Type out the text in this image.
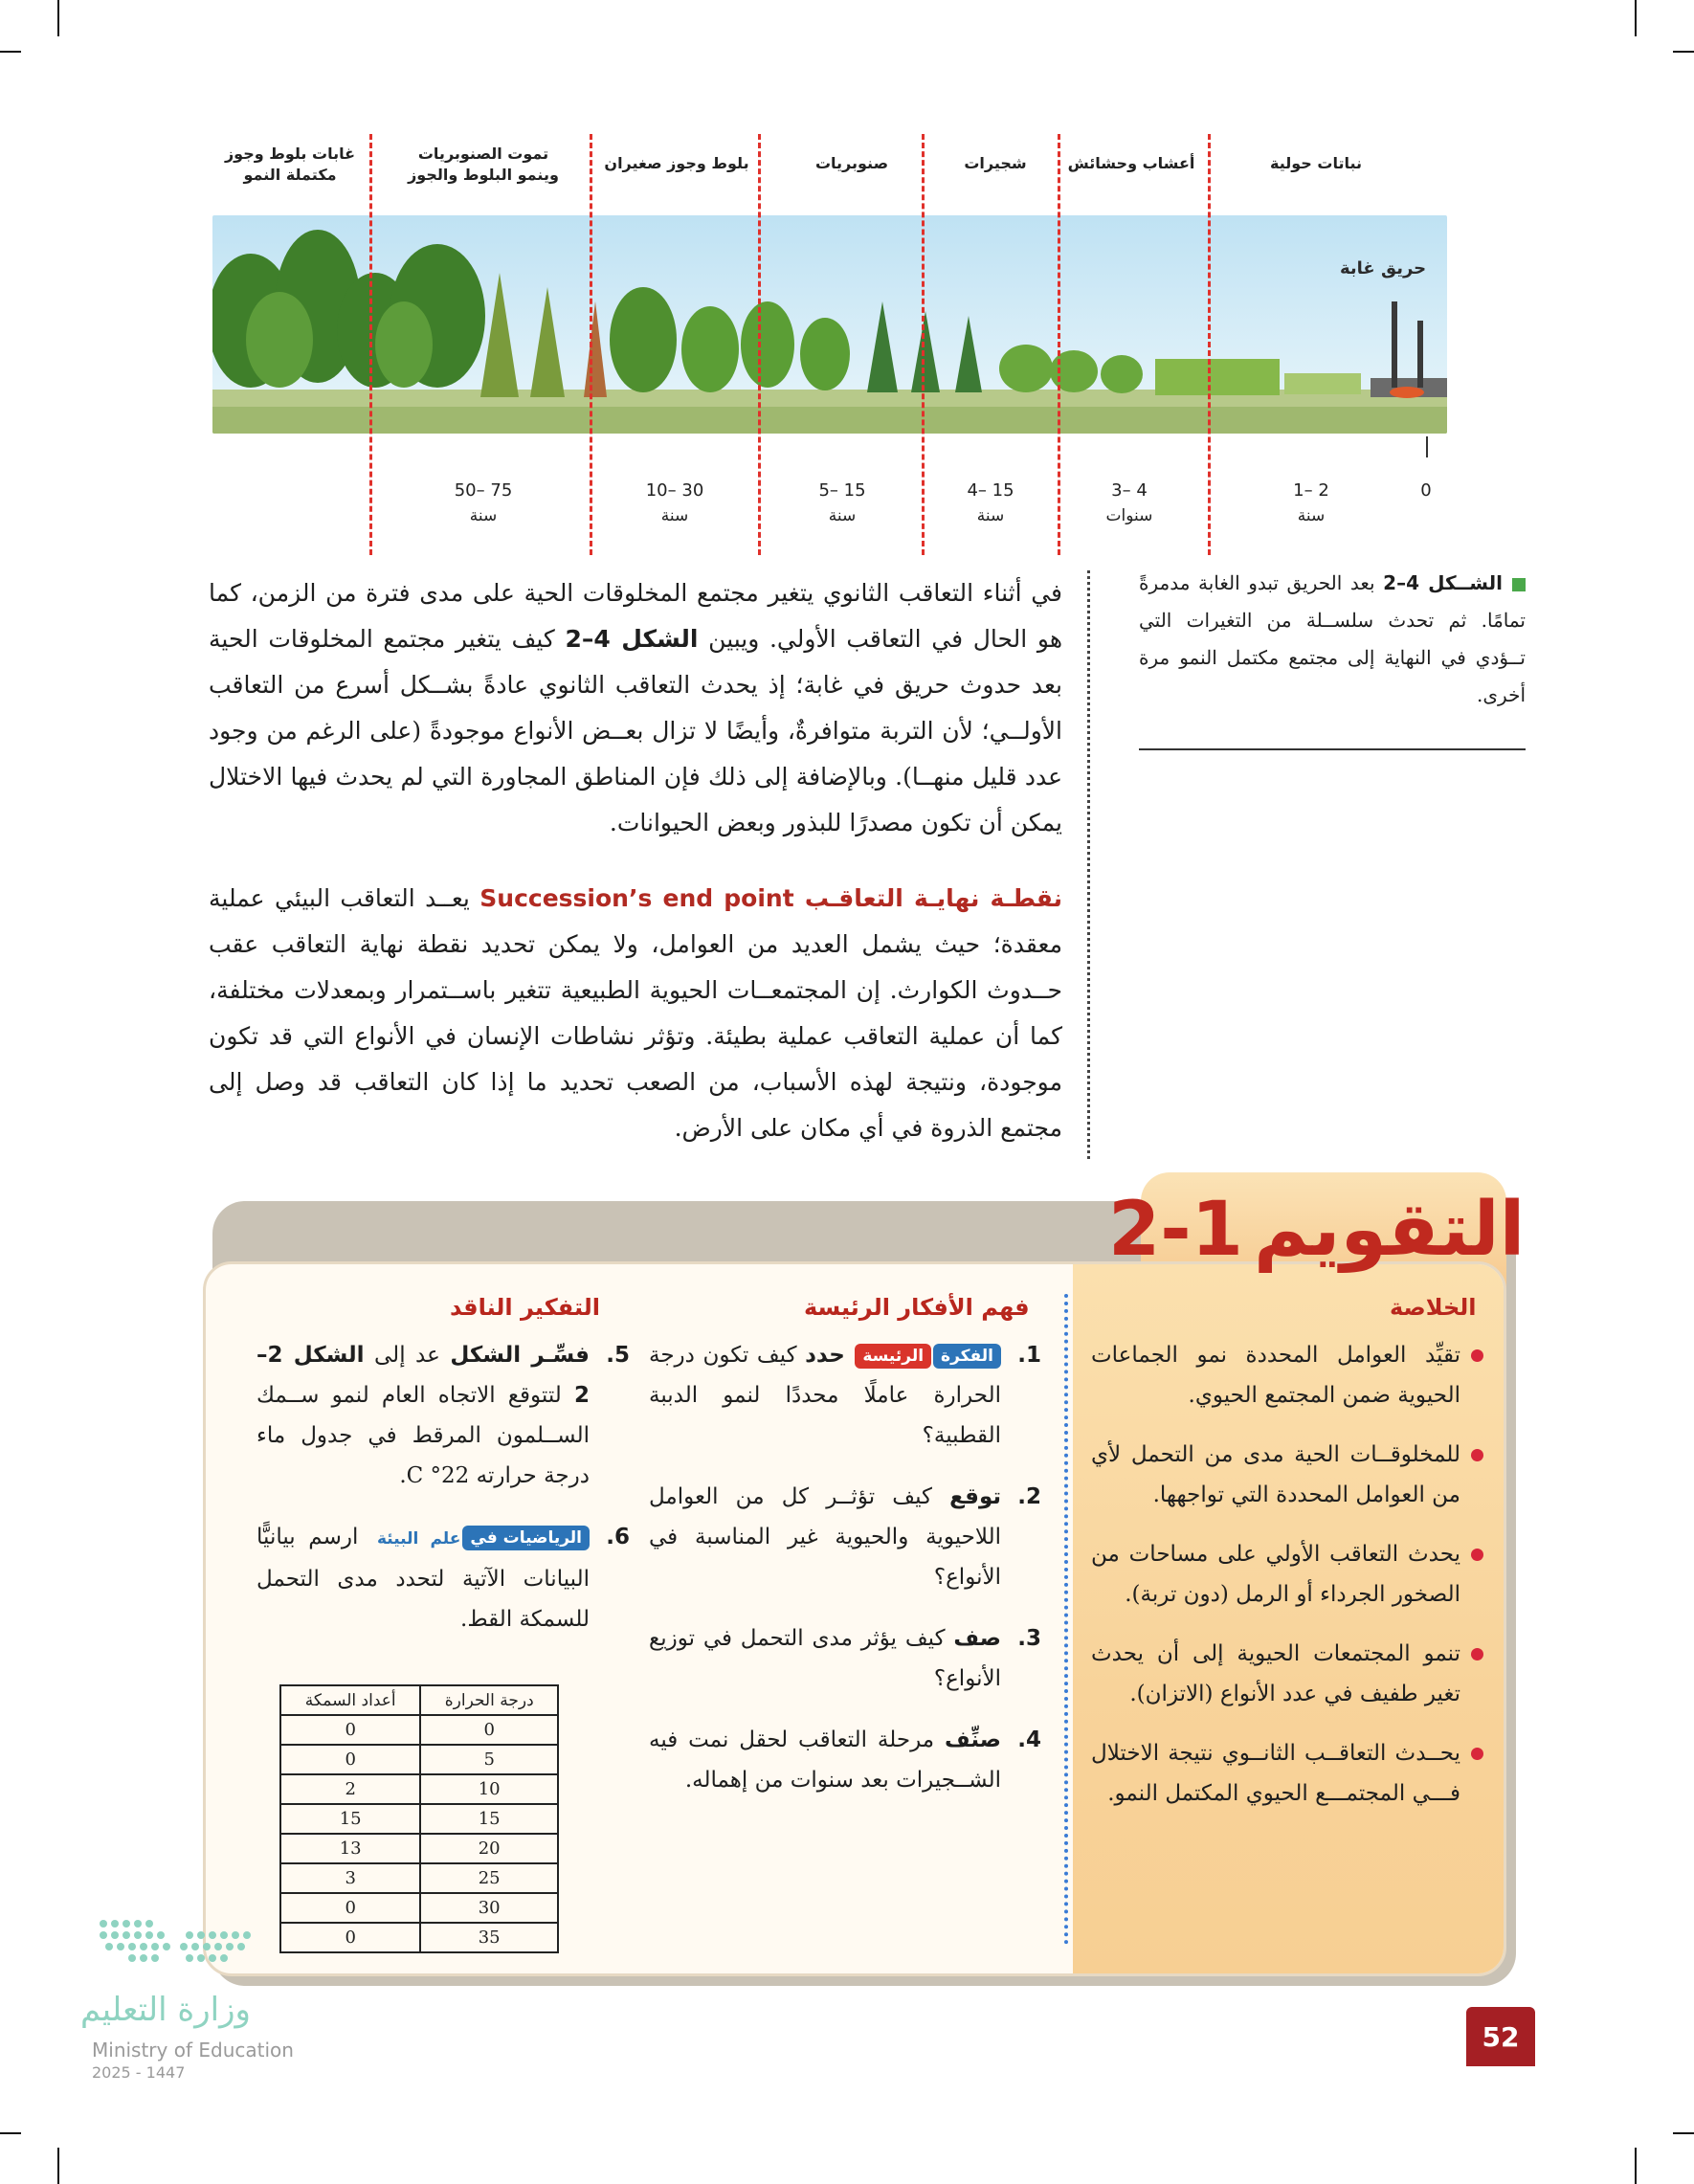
نباتات حولية
أعشاب وحشائش
شجيرات
صنوبريات
بلوط وجوز صغيران
تموت الصنوبريات
وينمو البلوط والجوز
غابات بلوط وجوز
مكتملة النمو
حريق غابة
0
1– 2
سنة
3– 4
سنوات
4– 15
سنة
5– 15
سنة
10– 30
سنة
50– 75
سنة
الشــكل 4–2 بعد الحريق تبدو الغابة مدمرةً تمامًا. ثم تحدث سلســلة من التغيرات التي تــؤدي في النهاية إلى مجتمع مكتمل النمو مرة أخرى.
في أثناء التعاقب الثانوي يتغير مجتمع المخلوقات الحية على مدى فترة من الزمن، كما هو الحال في التعاقب الأولي. ويبين الشكل 4–2 كيف يتغير مجتمع المخلوقات الحية بعد حدوث حريق في غابة؛ إذ يحدث التعاقب الثانوي عادةً بشــكل أسرع من التعاقب الأولــي؛ لأن التربة متوافرةٌ، وأيضًا لا تزال بعــض الأنواع موجودةً (على الرغم من وجود عدد قليل منهــا). وبالإضافة إلى ذلك فإن المناطق المجاورة التي لم يحدث فيها الاختلال يمكن أن تكون مصدرًا للبذور وبعض الحيوانات.
نقطـة نهايـة التعاقـب Succession’s end point يعــد التعاقب البيئي عملية معقدة؛ حيث يشمل العديد من العوامل، ولا يمكن تحديد نقطة نهاية التعاقب عقب حــدوث الكوارث. إن المجتمعــات الحيوية الطبيعية تتغير باســتمرار وبمعدلات مختلفة، كما أن عملية التعاقب عملية بطيئة. وتؤثر نشاطات الإنسان في الأنواع التي قد تكون موجودة، ونتيجة لهذه الأسباب، من الصعب تحديد ما إذا كان التعاقب قد وصل إلى مجتمع الذروة في أي مكان على الأرض.
التقويم
2-1
الخلاصة
فهم الأفكار الرئيسة
التفكير الناقد
تقيِّد العوامل المحددة نمو الجماعات الحيوية ضمن المجتمع الحيوي.
للمخلوقــات الحية مدى من التحمل لأي من العوامل المحددة التي تواجهها.
يحدث التعاقب الأولي على مساحات من الصخور الجرداء أو الرمل (دون تربة).
تنمو المجتمعات الحيوية إلى أن يحدث تغير طفيف في عدد الأنواع (الاتزان).
يحــدث التعاقــب الثانــوي نتيجة الاختلال فـــي المجتمـــع الحيوي المكتمل النمو.
1.
الفكرةالرئيسة حدد كيف تكون درجة الحرارة عاملًا محددًا لنمو الدببة القطبية؟
2.
توقع كيف تؤثــر كل من العوامل اللاحيوية والحيوية غير المناسبة في الأنواع؟
3.
صف كيف يؤثر مدى التحمل في توزيع الأنواع؟
4.
صنِّف مرحلة التعاقب لحقل نمت فيه الشــجيرات بعد سنوات من إهماله.
5.
فسِّـر الشكل عد إلى الشكل 2–2 لتتوقع الاتجاه العام لنمو ســمك الســلمون المرقط في جدول ماء درجة حرارته 22° C.
6.
الرياضيات فيعلم البيئة ارسم بيانيًّا البيانات الآتية لتحدد مدى التحمل للسمكة القط.
درجة الحرارة	أعداد السمكة
0	0
5	0
10	2
15	15
20	13
25	3
30	0
35	0
52
وزارة التعليم
Ministry of Education
2025 - 1447
